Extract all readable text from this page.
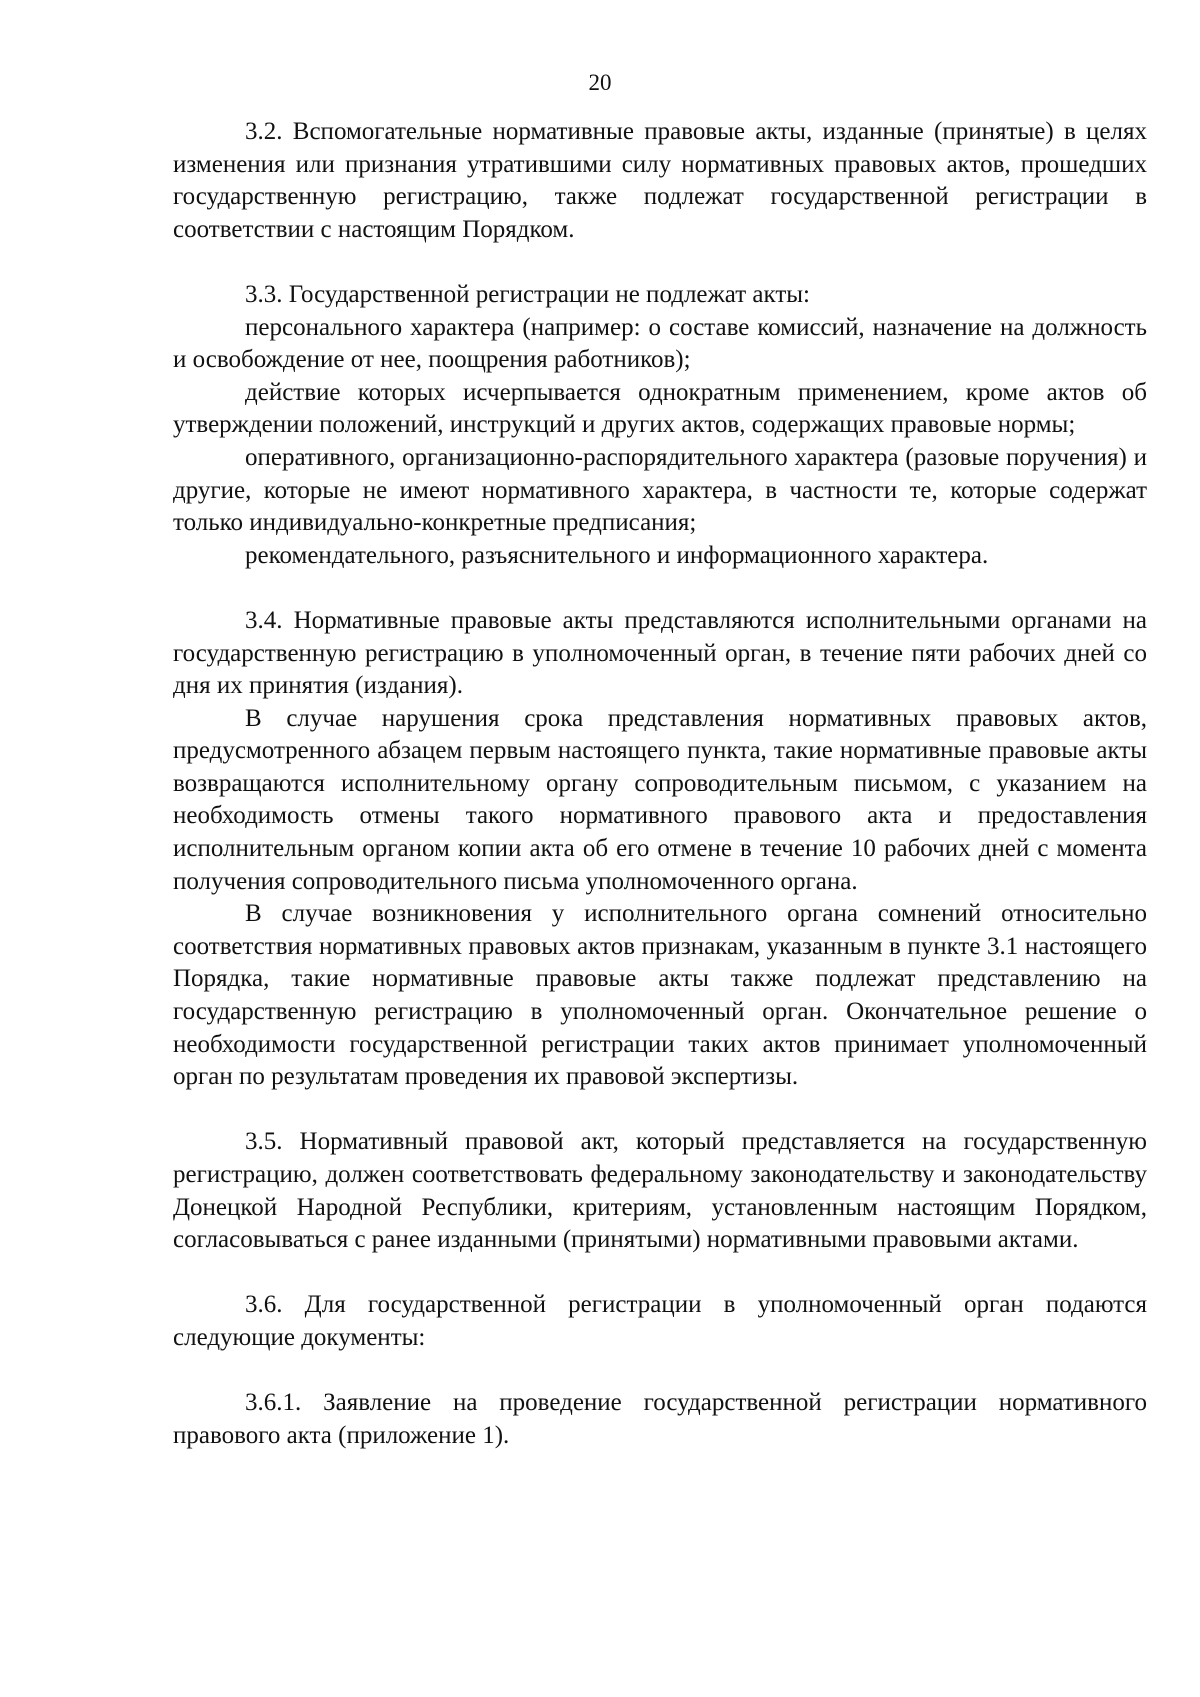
20

3.2. Вспомогательные нормативные правовые акты, изданные (принятые) в целях изменения или признания утратившими силу нормативных правовых актов, прошедших государственную регистрацию, также подлежат государственной регистрации в соответствии с настоящим Порядком.

3.3. Государственной регистрации не подлежат акты:

персонального характера (например: о составе комиссий, назначение на должность и освобождение от нее, поощрения работников);

действие которых исчерпывается однократным применением, кроме актов об утверждении положений, инструкций и других актов, содержащих правовые нормы;

оперативного, организационно-распорядительного характера (разовые поручения) и другие, которые не имеют нормативного характера, в частности те, которые содержат только индивидуально-конкретные предписания;

рекомендательного, разъяснительного и информационного характера.

3.4. Нормативные правовые акты представляются исполнительными органами на государственную регистрацию в уполномоченный орган, в течение пяти рабочих дней со дня их принятия (издания).

В случае нарушения срока представления нормативных правовых актов, предусмотренного абзацем первым настоящего пункта, такие нормативные правовые акты возвращаются исполнительному органу сопроводительным письмом, с указанием на необходимость отмены такого нормативного правового акта и предоставления исполнительным органом копии акта об его отмене в течение 10 рабочих дней с момента получения сопроводительного письма уполномоченного органа.

В случае возникновения у исполнительного органа сомнений относительно соответствия нормативных правовых актов признакам, указанным в пункте 3.1 настоящего Порядка, такие нормативные правовые акты также подлежат представлению на государственную регистрацию в уполномоченный орган. Окончательное решение о необходимости государственной регистрации таких актов принимает уполномоченный орган по результатам проведения их правовой экспертизы.

3.5. Нормативный правовой акт, который представляется на государственную регистрацию, должен соответствовать федеральному законодательству и законодательству Донецкой Народной Республики, критериям, установленным настоящим Порядком, согласовываться с ранее изданными (принятыми) нормативными правовыми актами.

3.6. Для государственной регистрации в уполномоченный орган подаются следующие документы:

3.6.1. Заявление на проведение государственной регистрации нормативного правового акта (приложение 1).
